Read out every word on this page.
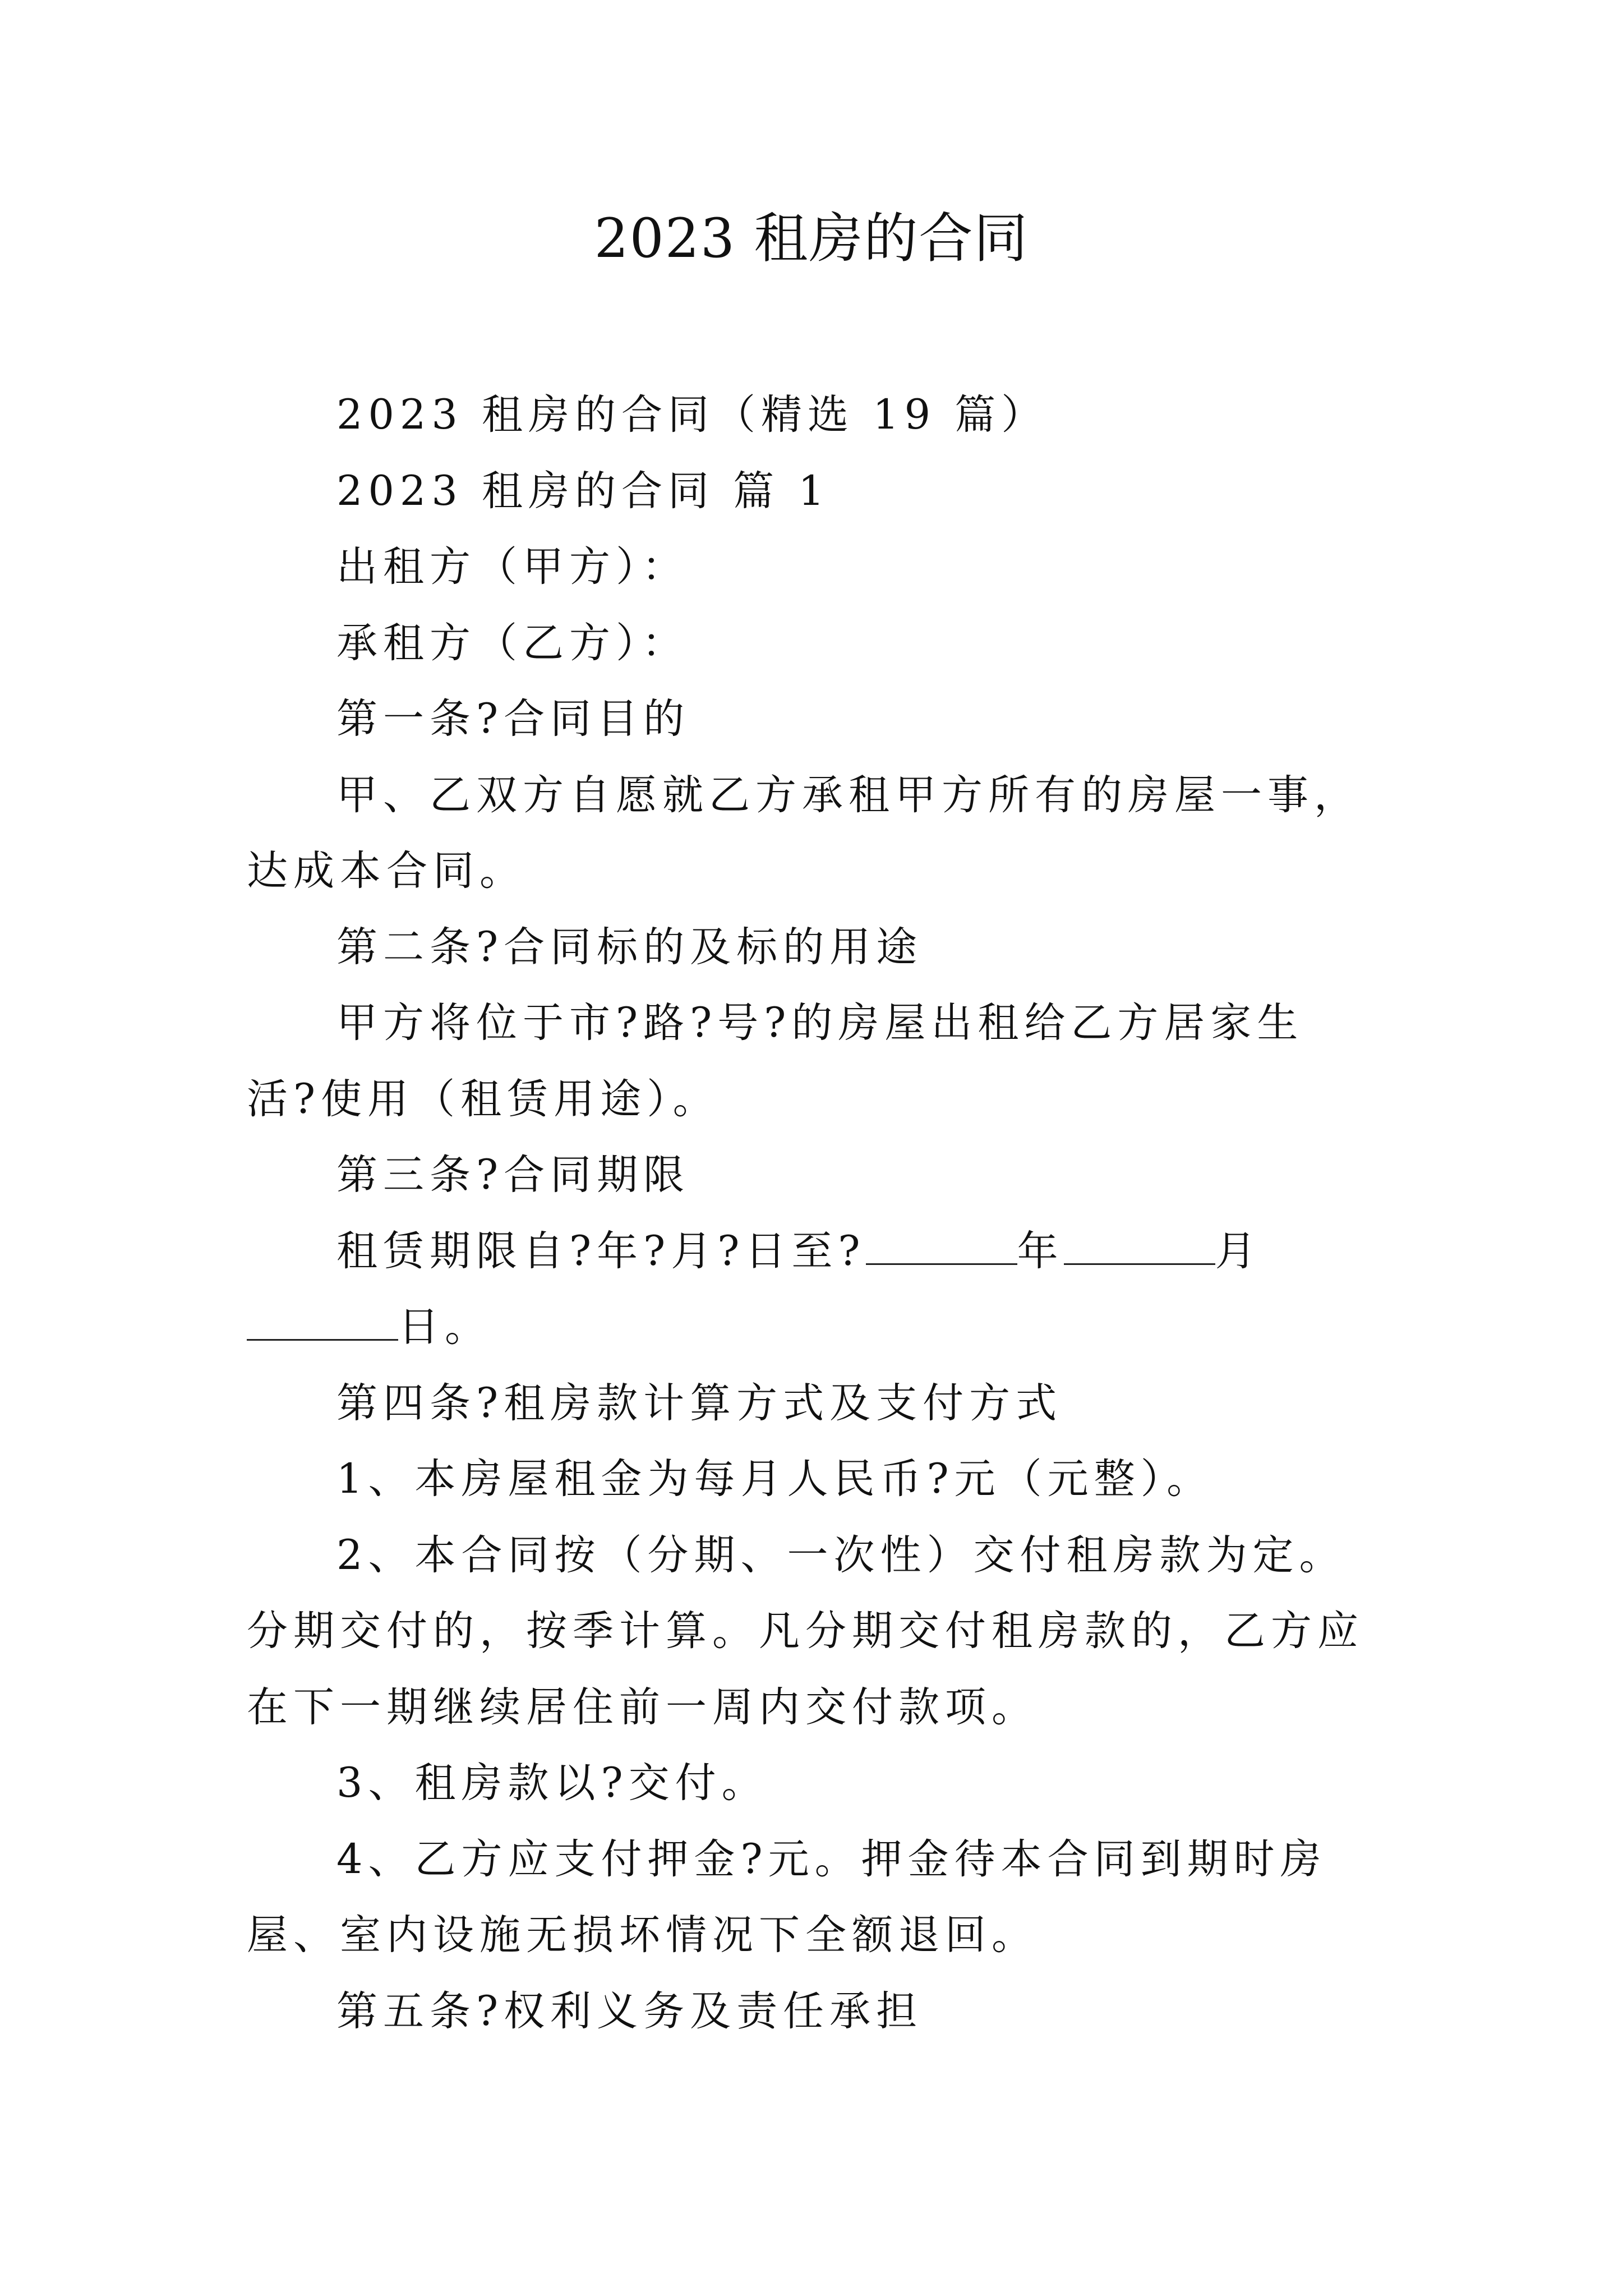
2023 租房的合同

2023 租房的合同（精选 19 篇）

2023 租房的合同 篇 1

出租方（甲方）：

承租方（乙方）：

第一条?合同目的

甲、乙双方自愿就乙方承租甲方所有的房屋一事，达成本合同。

第二条?合同标的及标的用途

甲方将位于市?路?号?的房屋出租给乙方居家生活?使用（租赁用途）。

第三条?合同期限

租赁期限自?年?月?日至?	年	月日。

第四条?租房款计算方式及支付方式

1、本房屋租金为每月人民币?元（元整）。

2、本合同按（分期、一次性）交付租房款为定。分期交付的，按季计算。凡分期交付租房款的，乙方应在下一期继续居住前一周内交付款项。

3、租房款以?交付。

4、乙方应支付押金?元。押金待本合同到期时房屋、室内设施无损坏情况下全额退回。

第五条?权利义务及责任承担
